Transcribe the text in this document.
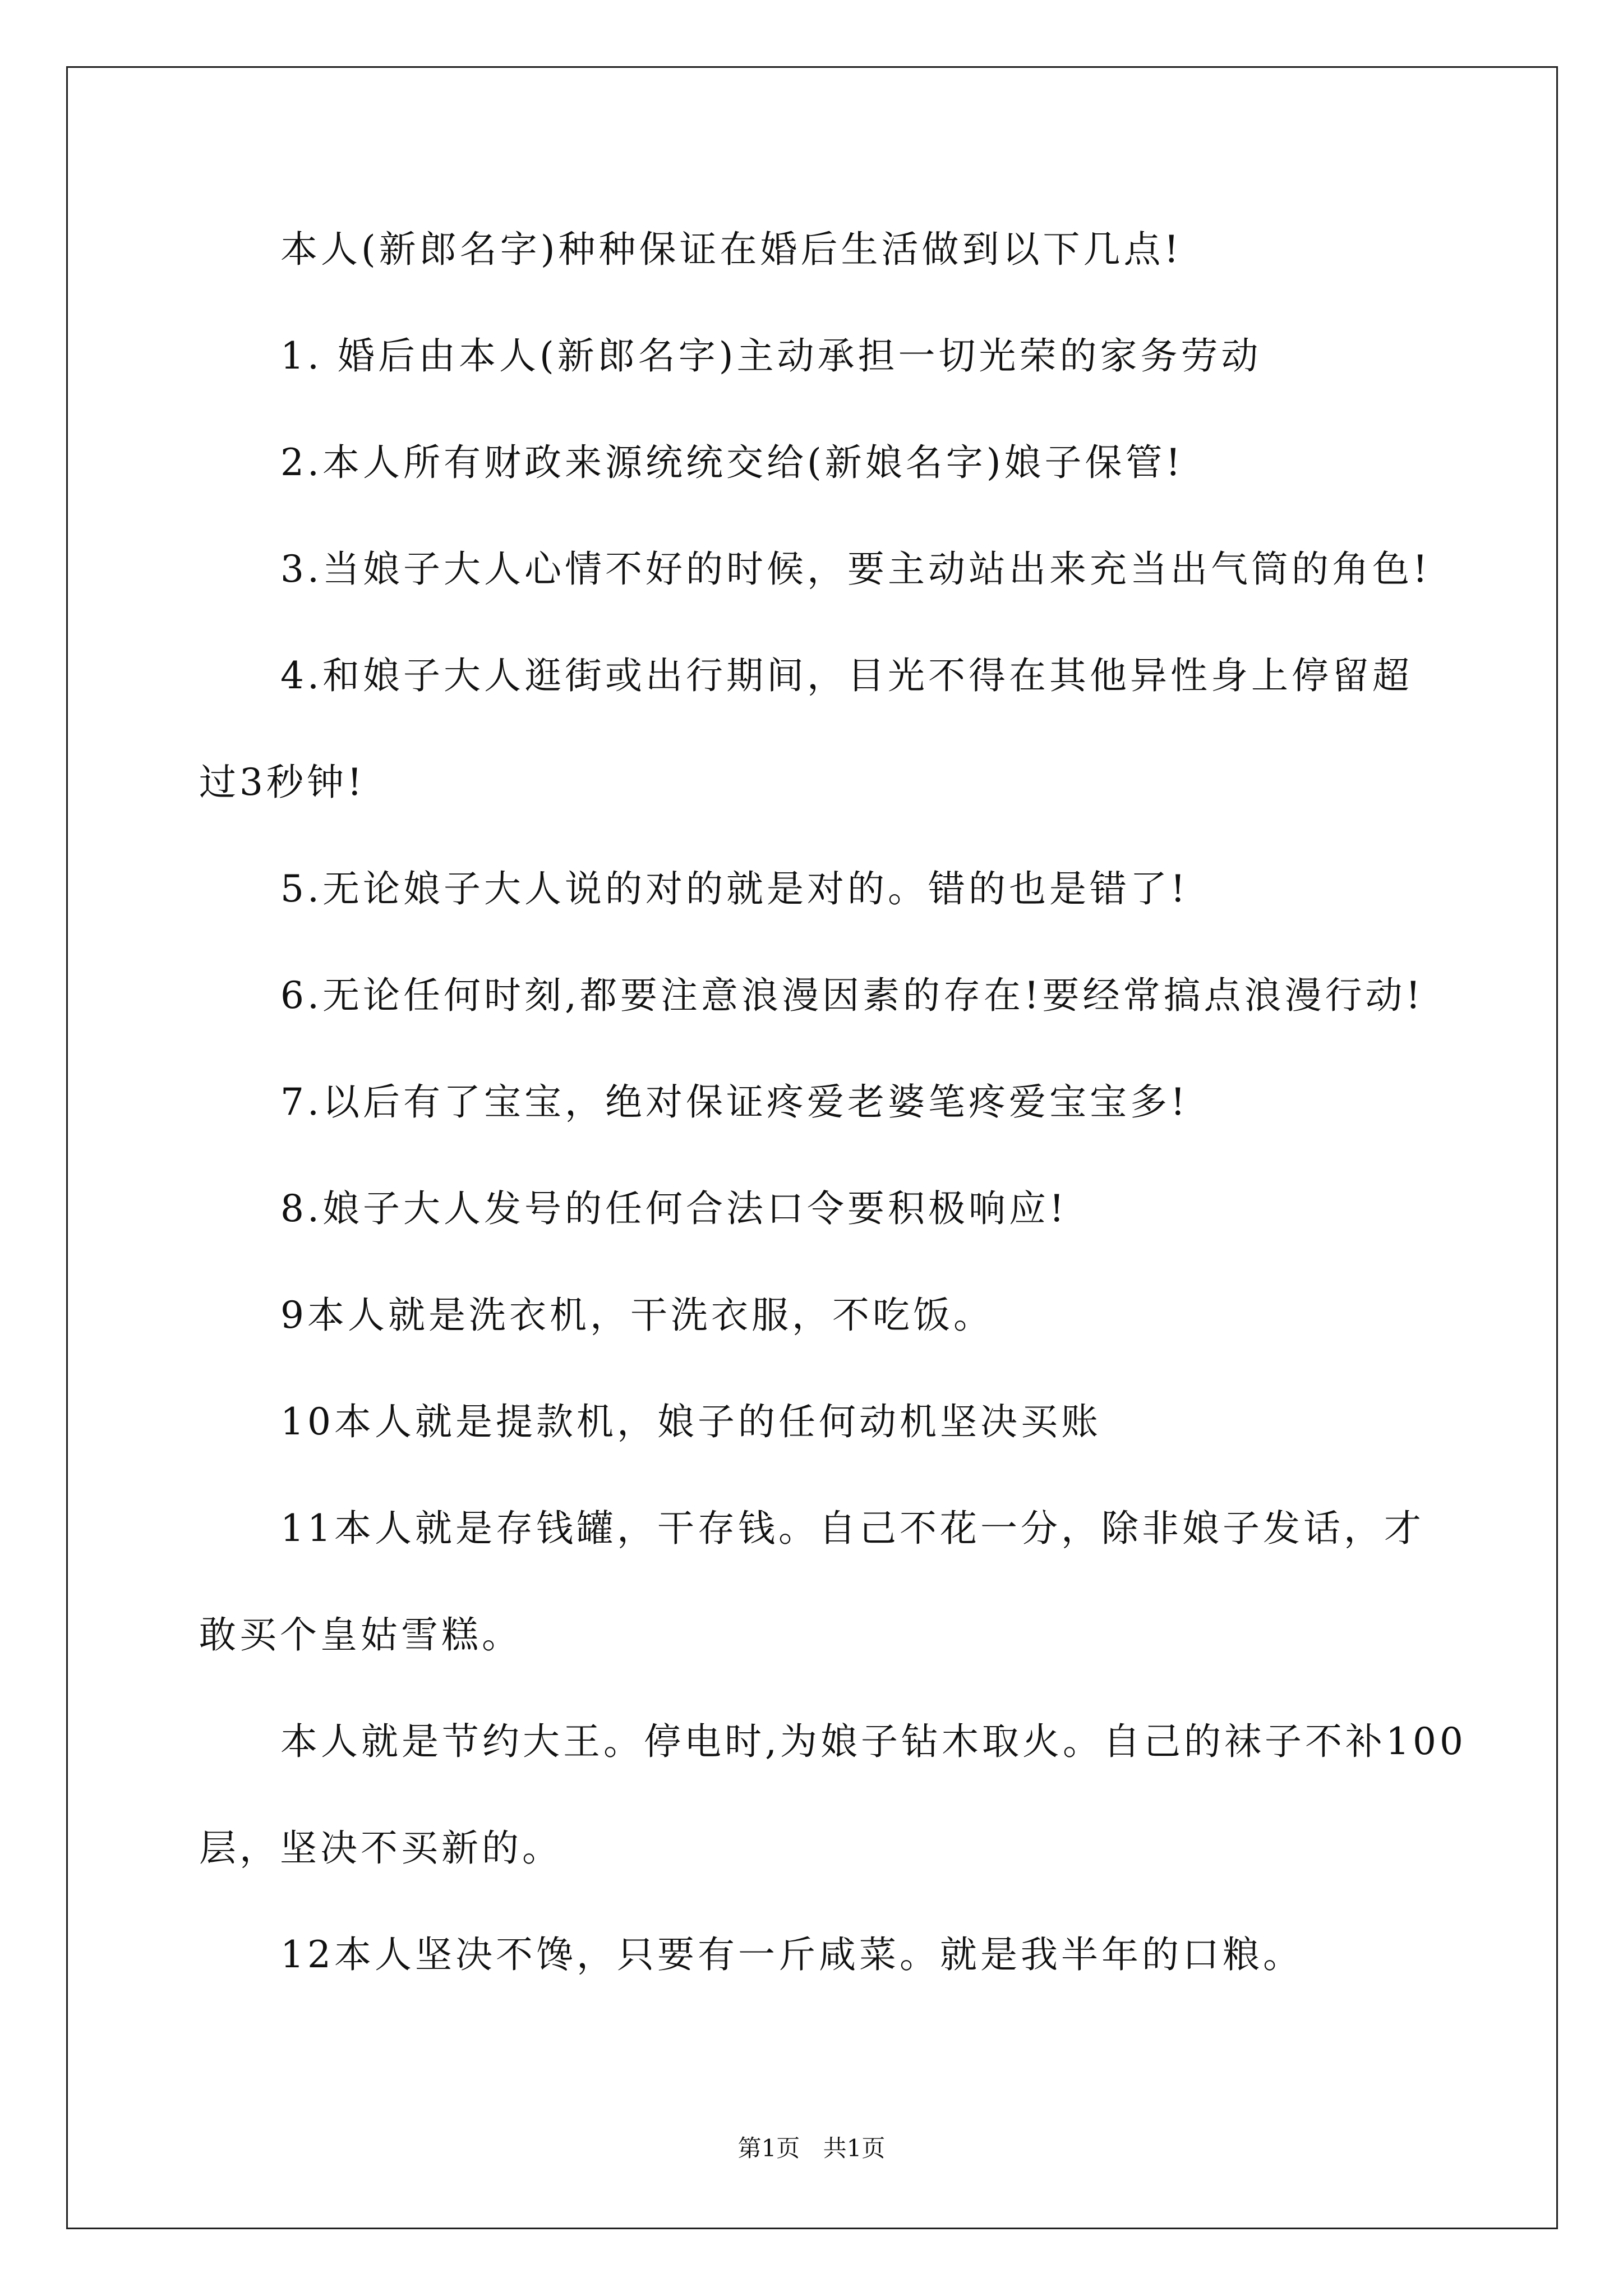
本人(新郎名字)种种保证在婚后生活做到以下几点!
1. 婚后由本人(新郎名字)主动承担一切光荣的家务劳动
2.本人所有财政来源统统交给(新娘名字)娘子保管!
3.当娘子大人心情不好的时候，要主动站出来充当出气筒的角色!
4.和娘子大人逛街或出行期间，目光不得在其他异性身上停留超
过3秒钟!
5.无论娘子大人说的对的就是对的。错的也是错了!
6.无论任何时刻,都要注意浪漫因素的存在!要经常搞点浪漫行动!
7.以后有了宝宝，绝对保证疼爱老婆笔疼爱宝宝多!
8.娘子大人发号的任何合法口令要积极响应!
9本人就是洗衣机，干洗衣服，不吃饭。
10本人就是提款机，娘子的任何动机坚决买账
11本人就是存钱罐，干存钱。自己不花一分，除非娘子发话，才
敢买个皇姑雪糕。
本人就是节约大王。停电时,为娘子钻木取火。自己的袜子不补100
层，坚决不买新的。
12本人坚决不馋，只要有一斤咸菜。就是我半年的口粮。
第1页 共1页
